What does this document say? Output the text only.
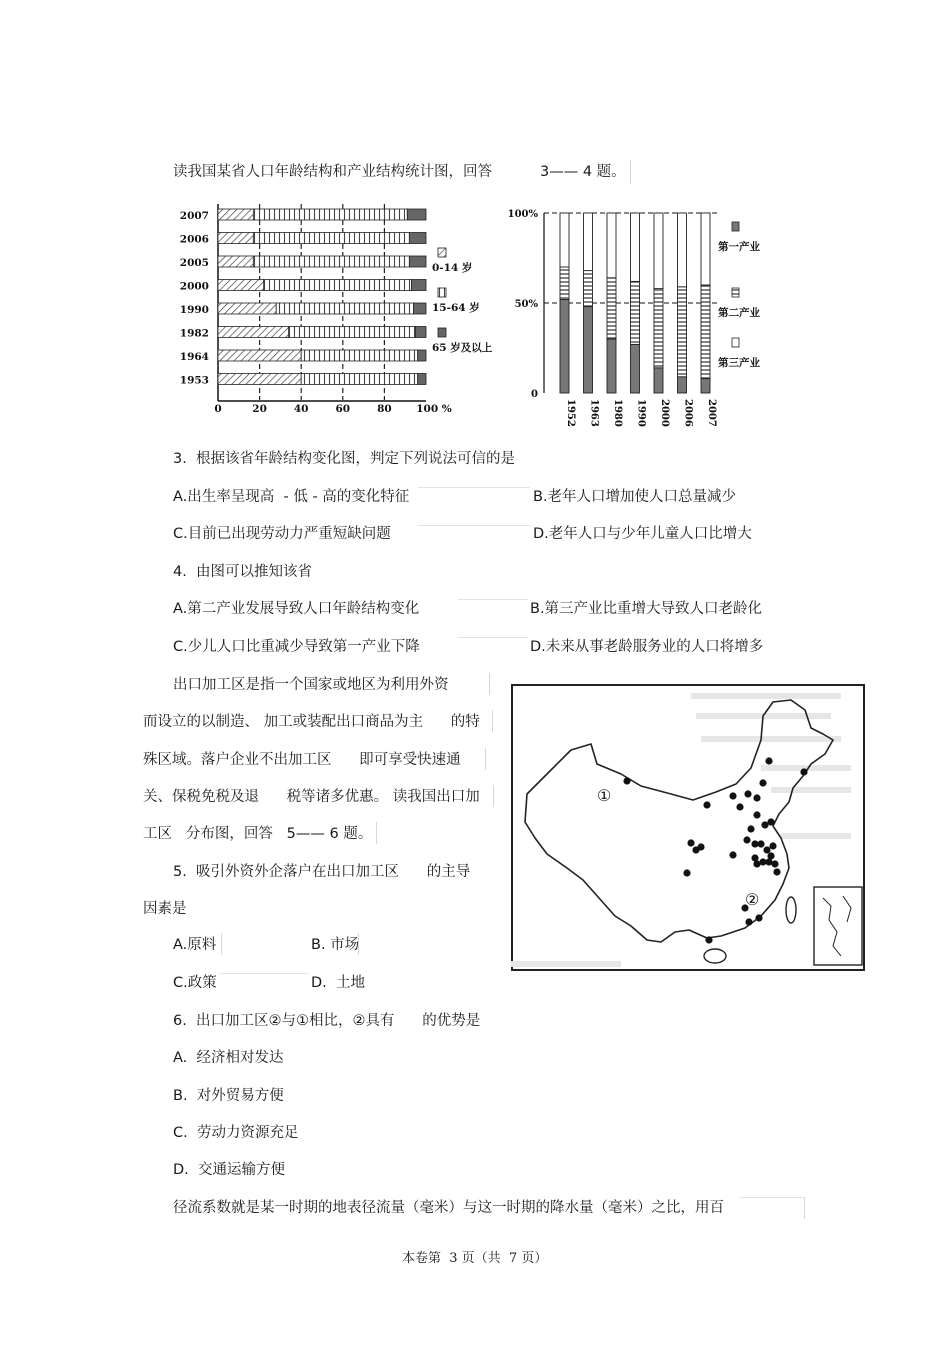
读我国某省人口年龄结构和产业结构统计图，回答	3—— 4 题。
2007
2006
2005
2000
1990
1982
1964
1953
0	20	40	60	80 100 %
0-14 岁
15-64 岁
65 岁及以上
1952 1963 1980 1990 2000 2006 2007
0
50%
100%
第一产业
第二产业
第三产业
3.  根据该省年龄结构变化图，判定下列说法可信的是
A.出生率呈现高  - 低 - 高的变化特征	B.老年人口增加使人口总量减少
C.目前已出现劳动力严重短缺问题	D.老年人口与少年儿童人口比增大
4.  由图可以推知该省
A.第二产业发展导致人口年龄结构变化	B.第三产业比重增大导致人口老龄化
C.少儿人口比重减少导致第一产业下降	D.未来从事老龄服务业的人口将增多
出口加工区是指一个国家或地区为利用外资
而设立的以制造、 加工或装配出口商品为主      的特
殊区域。落户企业不出加工区      即可享受快速通
关、保税免税及退      税等诸多优惠。 读我国出口加
工区   分布图，回答   5—— 6 题。
①
②
5.  吸引外资外企落户在出口加工区      的主导
因素是
A.原料	B. 市场
C.政策	D.  土地
6.  出口加工区②与①相比，②具有      的优势是
A.  经济相对发达
B.  对外贸易方便
C.  劳动力资源充足
D.  交通运输方便
径流系数就是某一时期的地表径流量（毫米）与这一时期的降水量（毫米）之比，用百
本卷第  3 页（共  7 页）
